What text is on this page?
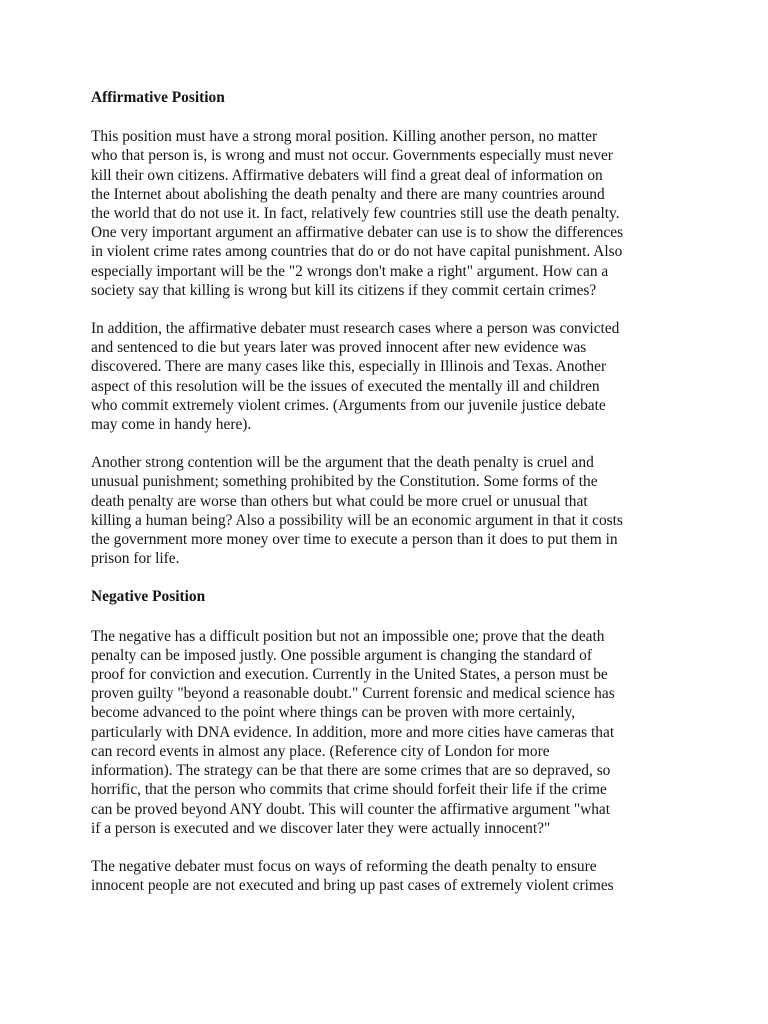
Affirmative Position
This position must have a strong moral position. Killing another person, no matter
who that person is, is wrong and must not occur. Governments especially must never
kill their own citizens. Affirmative debaters will find a great deal of information on
the Internet about abolishing the death penalty and there are many countries around
the world that do not use it. In fact, relatively few countries still use the death penalty.
One very important argument an affirmative debater can use is to show the differences
in violent crime rates among countries that do or do not have capital punishment. Also
especially important will be the "2 wrongs don't make a right" argument. How can a
society say that killing is wrong but kill its citizens if they commit certain crimes?
In addition, the affirmative debater must research cases where a person was convicted
and sentenced to die but years later was proved innocent after new evidence was
discovered. There are many cases like this, especially in Illinois and Texas. Another
aspect of this resolution will be the issues of executed the mentally ill and children
who commit extremely violent crimes. (Arguments from our juvenile justice debate
may come in handy here).
Another strong contention will be the argument that the death penalty is cruel and
unusual punishment; something prohibited by the Constitution. Some forms of the
death penalty are worse than others but what could be more cruel or unusual that
killing a human being? Also a possibility will be an economic argument in that it costs
the government more money over time to execute a person than it does to put them in
prison for life.
Negative Position
The negative has a difficult position but not an impossible one; prove that the death
penalty can be imposed justly. One possible argument is changing the standard of
proof for conviction and execution. Currently in the United States, a person must be
proven guilty "beyond a reasonable doubt." Current forensic and medical science has
become advanced to the point where things can be proven with more certainly,
particularly with DNA evidence. In addition, more and more cities have cameras that
can record events in almost any place. (Reference city of London for more
information). The strategy can be that there are some crimes that are so depraved, so
horrific, that the person who commits that crime should forfeit their life if the crime
can be proved beyond ANY doubt. This will counter the affirmative argument "what
if a person is executed and we discover later they were actually innocent?"
The negative debater must focus on ways of reforming the death penalty to ensure
innocent people are not executed and bring up past cases of extremely violent crimes
